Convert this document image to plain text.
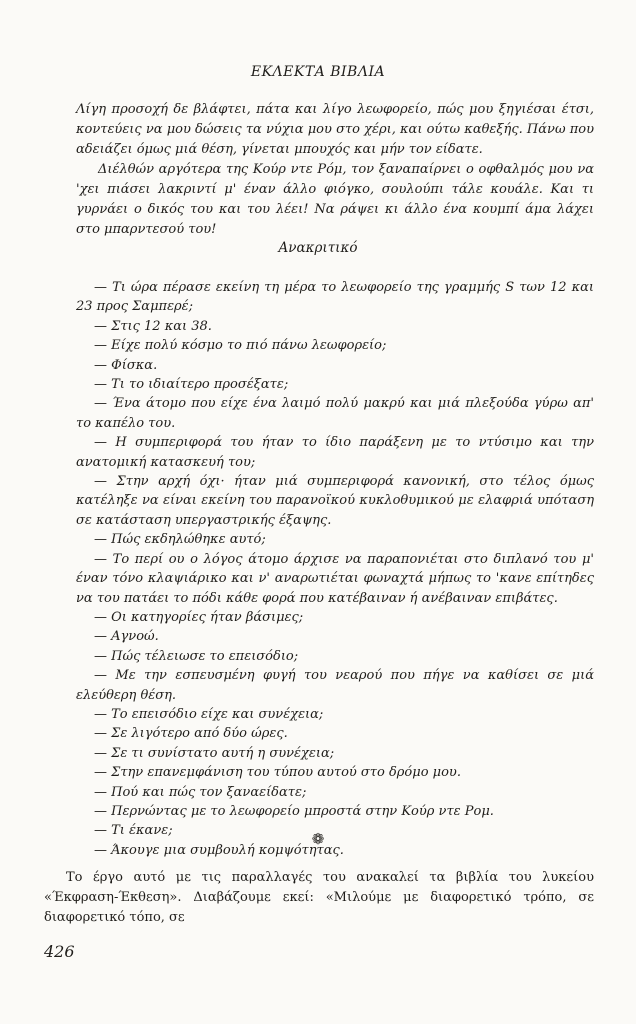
ΕΚΛΕΚΤΑ ΒΙΒΛΙΑ

Λίγη προσοχή δε βλάφτει, πάτα και λίγο λεωφορείο, πώς μου ξηγιέσαι έτσι, κοντεύεις να μου δώσεις τα νύχια μου στο χέρι, και ούτω καθεξής. Πάνω που αδειάζει όμως μιά θέση, γίνεται μπουχός και μήν τον είδατε.

Διέλθών αργότερα της Κούρ ντε Ρόμ, τον ξαναπαίρνει ο οφθαλμός μου να 'χει πιάσει λακριντί μ' έναν άλλο φιόγκο, σουλούπι τάλε κουάλε. Και τι γυρνάει ο δικός του και του λέει! Να ράψει κι άλλο ένα κουμπί άμα λάχει στο μπαρντεσού του!

Ανακριτικό

— Τι ώρα πέρασε εκείνη τη μέρα το λεωφορείο της γραμμής S των 12 και 23 προς Σαμπερέ;

— Στις 12 και 38.

— Είχε πολύ κόσμο το πιό πάνω λεωφορείο;

— Φίσκα.

— Τι το ιδιαίτερο προσέξατε;

— Ένα άτομο που είχε ένα λαιμό πολύ μακρύ και μιά πλεξούδα γύρω απ' το καπέλο του.

— Η συμπεριφορά του ήταν το ίδιο παράξενη με το ντύσιμο και την ανατομική κατασκευή του;

— Στην αρχή όχι· ήταν μιά συμπεριφορά κανονική, στο τέλος όμως κατέληξε να είναι εκείνη του παρανοϊκού κυκλοθυμικού με ελαφριά υπόταση σε κατάσταση υπεργαστρικής έξαψης.

— Πώς εκδηλώθηκε αυτό;

— Το περί ου ο λόγος άτομο άρχισε να παραπονιέται στο διπλανό του μ' έναν τόνο κλαψιάρικο και ν' αναρωτιέται φωναχτά μήπως το 'κανε επίτηδες να του πατάει το πόδι κάθε φορά που κατέβαιναν ή ανέβαιναν επιβάτες.

— Οι κατηγορίες ήταν βάσιμες;

— Αγνοώ.

— Πώς τέλειωσε το επεισόδιο;

— Με την εσπευσμένη φυγή του νεαρού που πήγε να καθίσει σε μιά ελεύθερη θέση.

— Το επεισόδιο είχε και συνέχεια;

— Σε λιγότερο από δύο ώρες.

— Σε τι συνίστατο αυτή η συνέχεια;

— Στην επανεμφάνιση του τύπου αυτού στο δρόμο μου.

— Πού και πώς τον ξαναείδατε;

— Περνώντας με το λεωφορείο μπροστά στην Κούρ ντε Ρομ.

— Τι έκανε;

— Άκουγε μια συμβουλή κομψότητας.

❁

Το έργο αυτό με τις παραλλαγές του ανακαλεί τα βιβλία του λυκείου «Έκφραση-Έκθεση». Διαβάζουμε εκεί: «Μιλούμε με διαφορετικό τρόπο, σε διαφορετικό τόπο, σε

426
